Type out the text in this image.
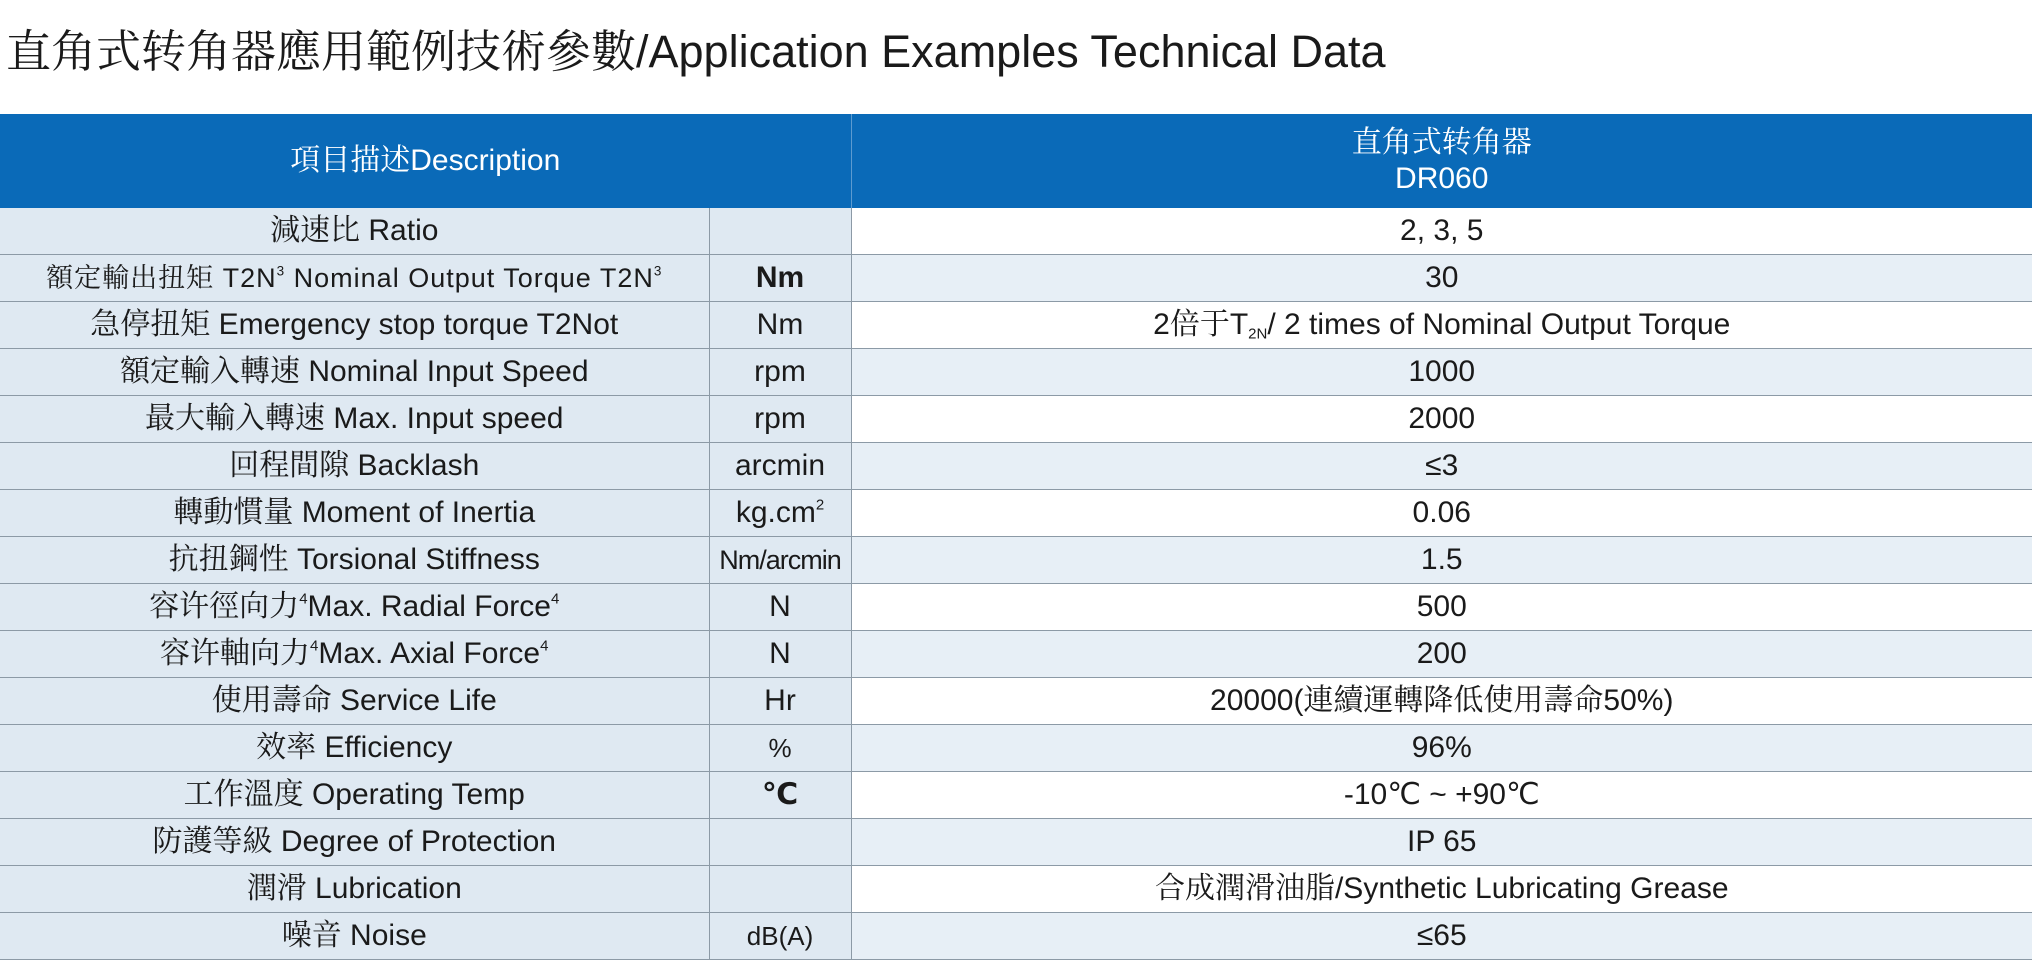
直角式转角器應用範例技術參數/Application Examples Technical Data
項目描述Description		直角式转角器
DR060

減速比 Ratio		2, 3, 5
額定輸出扭矩 $T2N^3$ Nominal Output Torque $T2N^3$	Nm	30
急停扭矩 Emergency stop torque T2Not	Nm	2倍于$T_{2N}/$ 2 times of Nominal Output Torque
額定輸入轉速 Nominal Input Speed	rpm	1000
最大輸入轉速 Max. Input speed	rpm	2000
回程間隙 Backlash	arcmin	≤3
轉動慣量 Moment of Inertia	$kg.cm^2$	0.06
抗扭鋼性 Torsional Stiffness	Nm/arcmin	1.5
容许徑向力$^4$Max. Radial Force$^4$	N	500
容许軸向力$^4$Max. Axial Force$^4$	N	200
使用壽命 Service Life	Hr	20000(連續運轉降低使用壽命50%)
效率 Efficiency	%	96%
工作溫度 Operating Temp	℃	-10℃ ~ +90℃
防護等級 Degree of Protection		IP 65
潤滑 Lubrication		合成潤滑油脂/Synthetic Lubricating Grease
噪音 Noise	dB(A)	≤65
